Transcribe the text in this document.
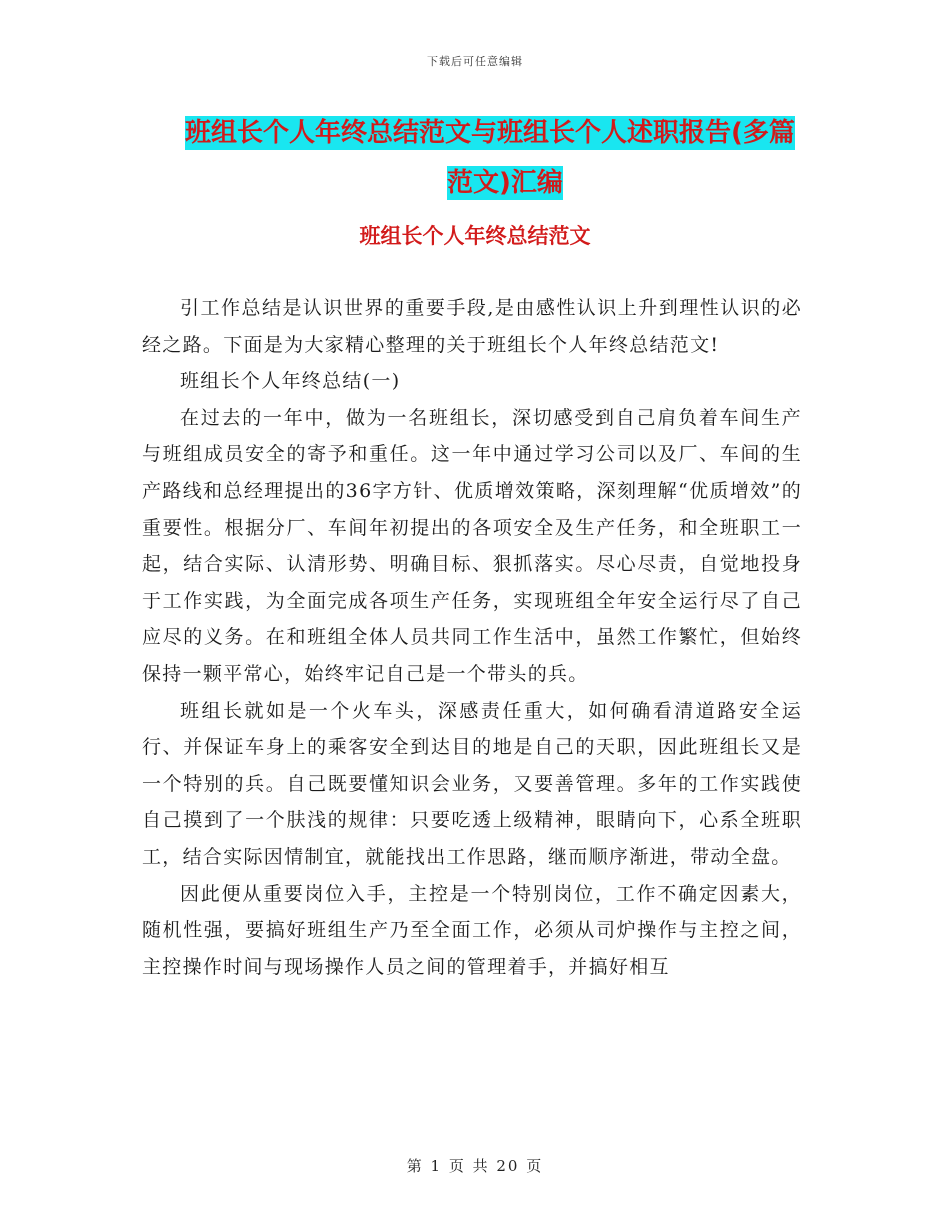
下载后可任意编辑
班组长个人年终总结范文与班组长个人述职报告(多篇
范文)汇编
班组长个人年终总结范文

引工作总结是认识世界的重要手段,是由感性认识上升到理性认识的必经之路。下面是为大家精心整理的关于班组长个人年终总结范文!

班组长个人年终总结(一)

在过去的一年中，做为一名班组长，深切感受到自己肩负着车间生产与班组成员安全的寄予和重任。这一年中通过学习公司以及厂、车间的生产路线和总经理提出的36字方针、优质增效策略，深刻理解“优质增效”的重要性。根据分厂、车间年初提出的各项安全及生产任务，和全班职工一起，结合实际、认清形势、明确目标、狠抓落实。尽心尽责，自觉地投身于工作实践，为全面完成各项生产任务，实现班组全年安全运行尽了自己应尽的义务。在和班组全体人员共同工作生活中，虽然工作繁忙，但始终保持一颗平常心，始终牢记自己是一个带头的兵。

班组长就如是一个火车头，深感责任重大，如何确看清道路安全运行、并保证车身上的乘客安全到达目的地是自己的天职，因此班组长又是一个特别的兵。自己既要懂知识会业务，又要善管理。多年的工作实践使自己摸到了一个肤浅的规律：只要吃透上级精神，眼睛向下，心系全班职工，结合实际因情制宜，就能找出工作思路，继而顺序渐进，带动全盘。

因此便从重要岗位入手，主控是一个特别岗位，工作不确定因素大，随机性强，要搞好班组生产乃至全面工作，必须从司炉操作与主控之间，主控操作时间与现场操作人员之间的管理着手，并搞好相互

第 1 页 共 20 页
